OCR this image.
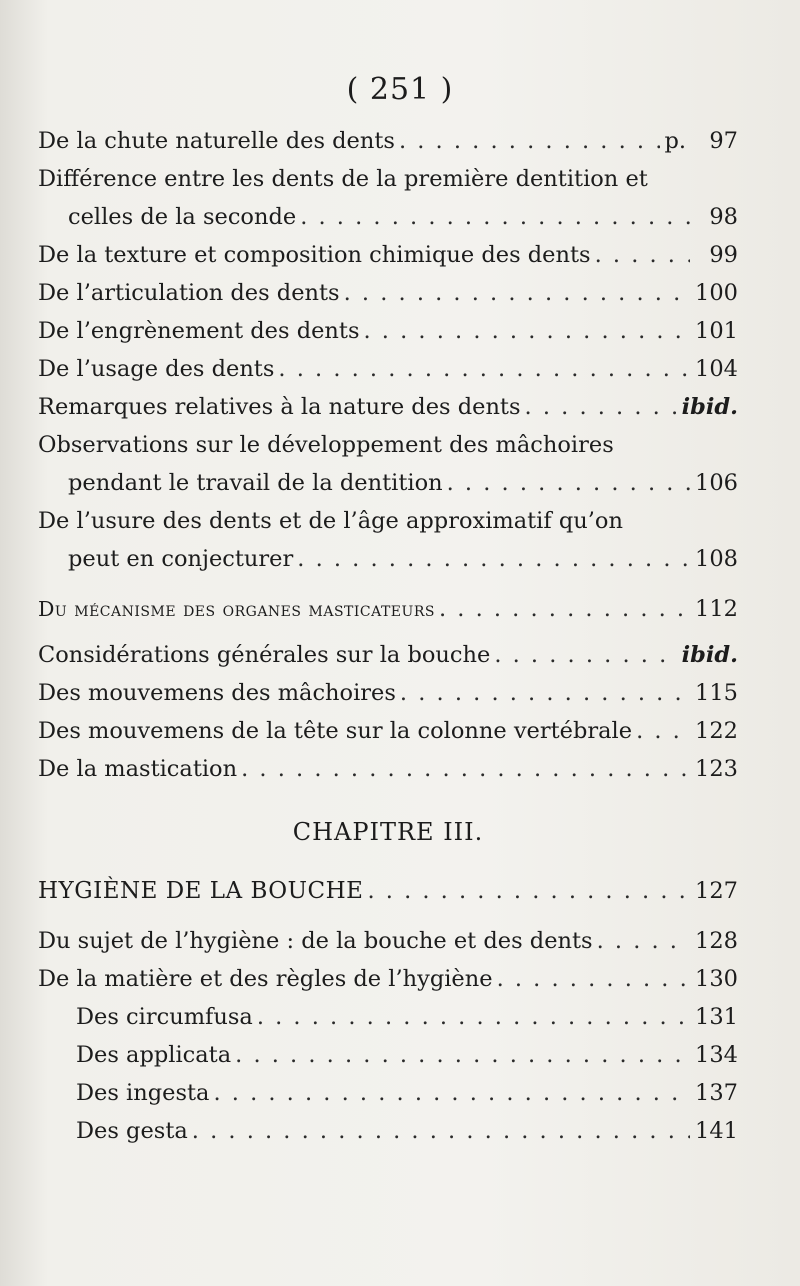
( 251 )
De la chute naturelle des dents . . .	p.	97
Différence entre les dents de la première dentition et
celles de la seconde . . .	98
De la texture et composition chimique des dents . . .	99
De l’articulation des dents . . .	100
De l’engrènement des dents . . .	101
De l’usage des dents . . .	104
Remarques relatives à la nature des dents . . .	ibid.
Observations sur le développement des mâchoires
pendant le travail de la dentition . . .	106
De l’usure des dents et de l’âge approximatif qu’on
peut en conjecturer . . .	108
Du mécanisme des organes masticateurs . . .	112
Considérations générales sur la bouche . . .	ibid.
Des mouvemens des mâchoires . . .	115
Des mouvemens de la tête sur la colonne vertébrale . . .	122
De la mastication . . .	123
CHAPITRE III.
HYGIÈNE DE LA BOUCHE . . .	127
Du sujet de l’hygiène : de la bouche et des dents . . .	128
De la matière et des règles de l’hygiène . . .	130
Des circumfusa . . .	131
Des applicata . . .	134
Des ingesta . . .	137
Des gesta . . .	141
